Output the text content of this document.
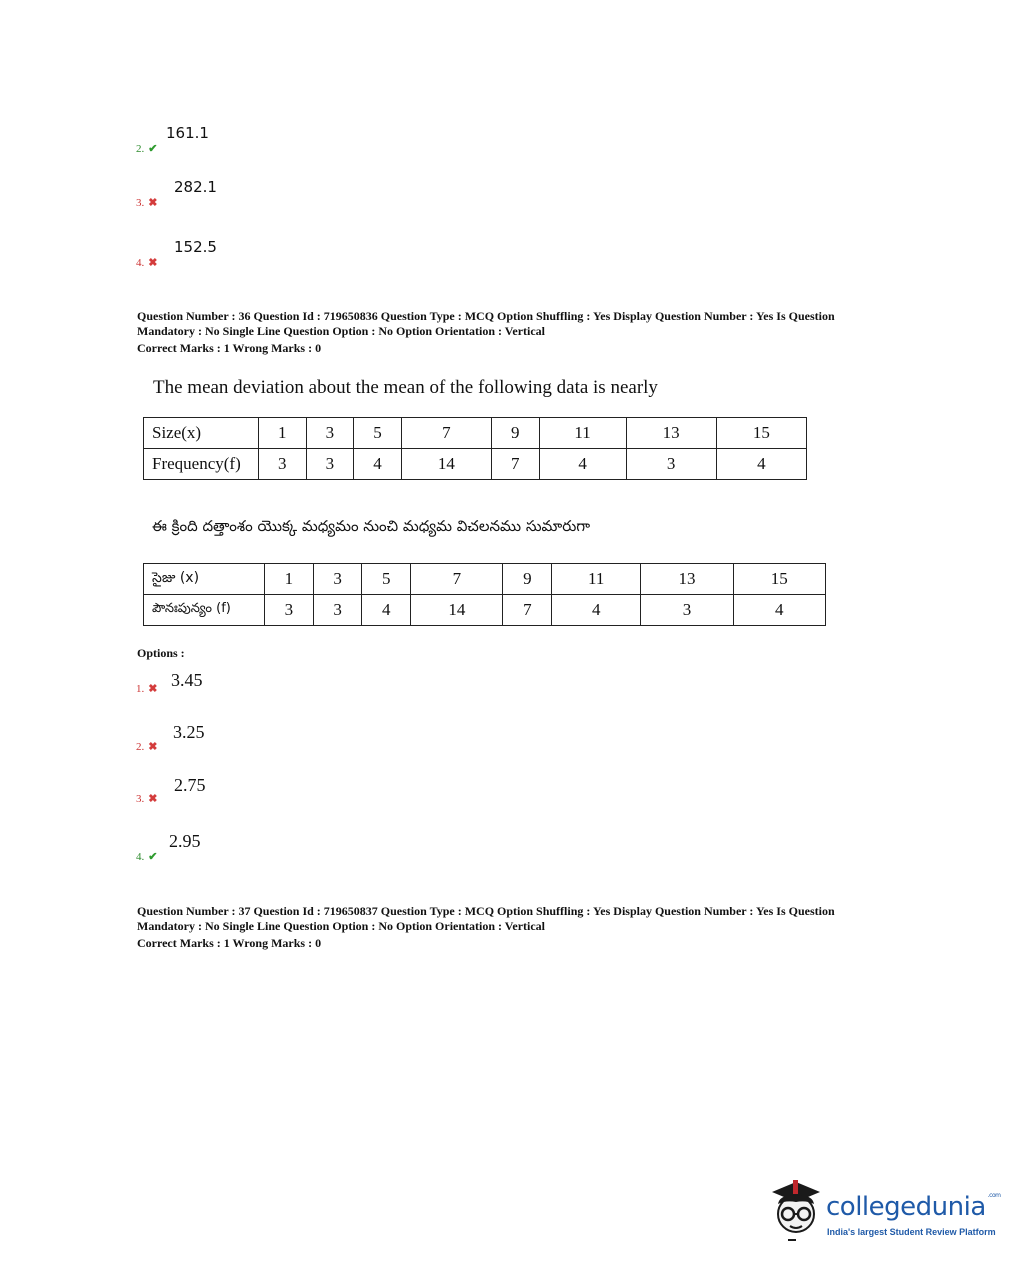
161.1
2. ✔
282.1
3. ✖
152.5
4. ✖
Question Number : 36 Question Id : 719650836 Question Type : MCQ Option Shuffling : Yes Display Question Number : Yes Is Question
Mandatory : No Single Line Question Option : No Option Orientation : Vertical
Correct Marks : 1 Wrong Marks : 0
The mean deviation about the mean of the following data is nearly
Size(x)	1	3	5	7	9	11	13	15
Frequency(f)	3	3	4	14	7	4	3	4
ఈ క్రింది దత్తాంశం యొక్క మధ్యమం నుంచి మధ్యమ విచలనము సుమారుగా
సైజు (x)	1	3	5	7	9	11	13	15
పౌనఃపున్యం (f)	3	3	4	14	7	4	3	4
Options :
3.45
1. ✖
3.25
2. ✖
2.75
3. ✖
2.95
4. ✔
Question Number : 37 Question Id : 719650837 Question Type : MCQ Option Shuffling : Yes Display Question Number : Yes Is Question
Mandatory : No Single Line Question Option : No Option Orientation : Vertical
Correct Marks : 1 Wrong Marks : 0
collegedunia $^{.com}$
India's largest Student Review Platform
